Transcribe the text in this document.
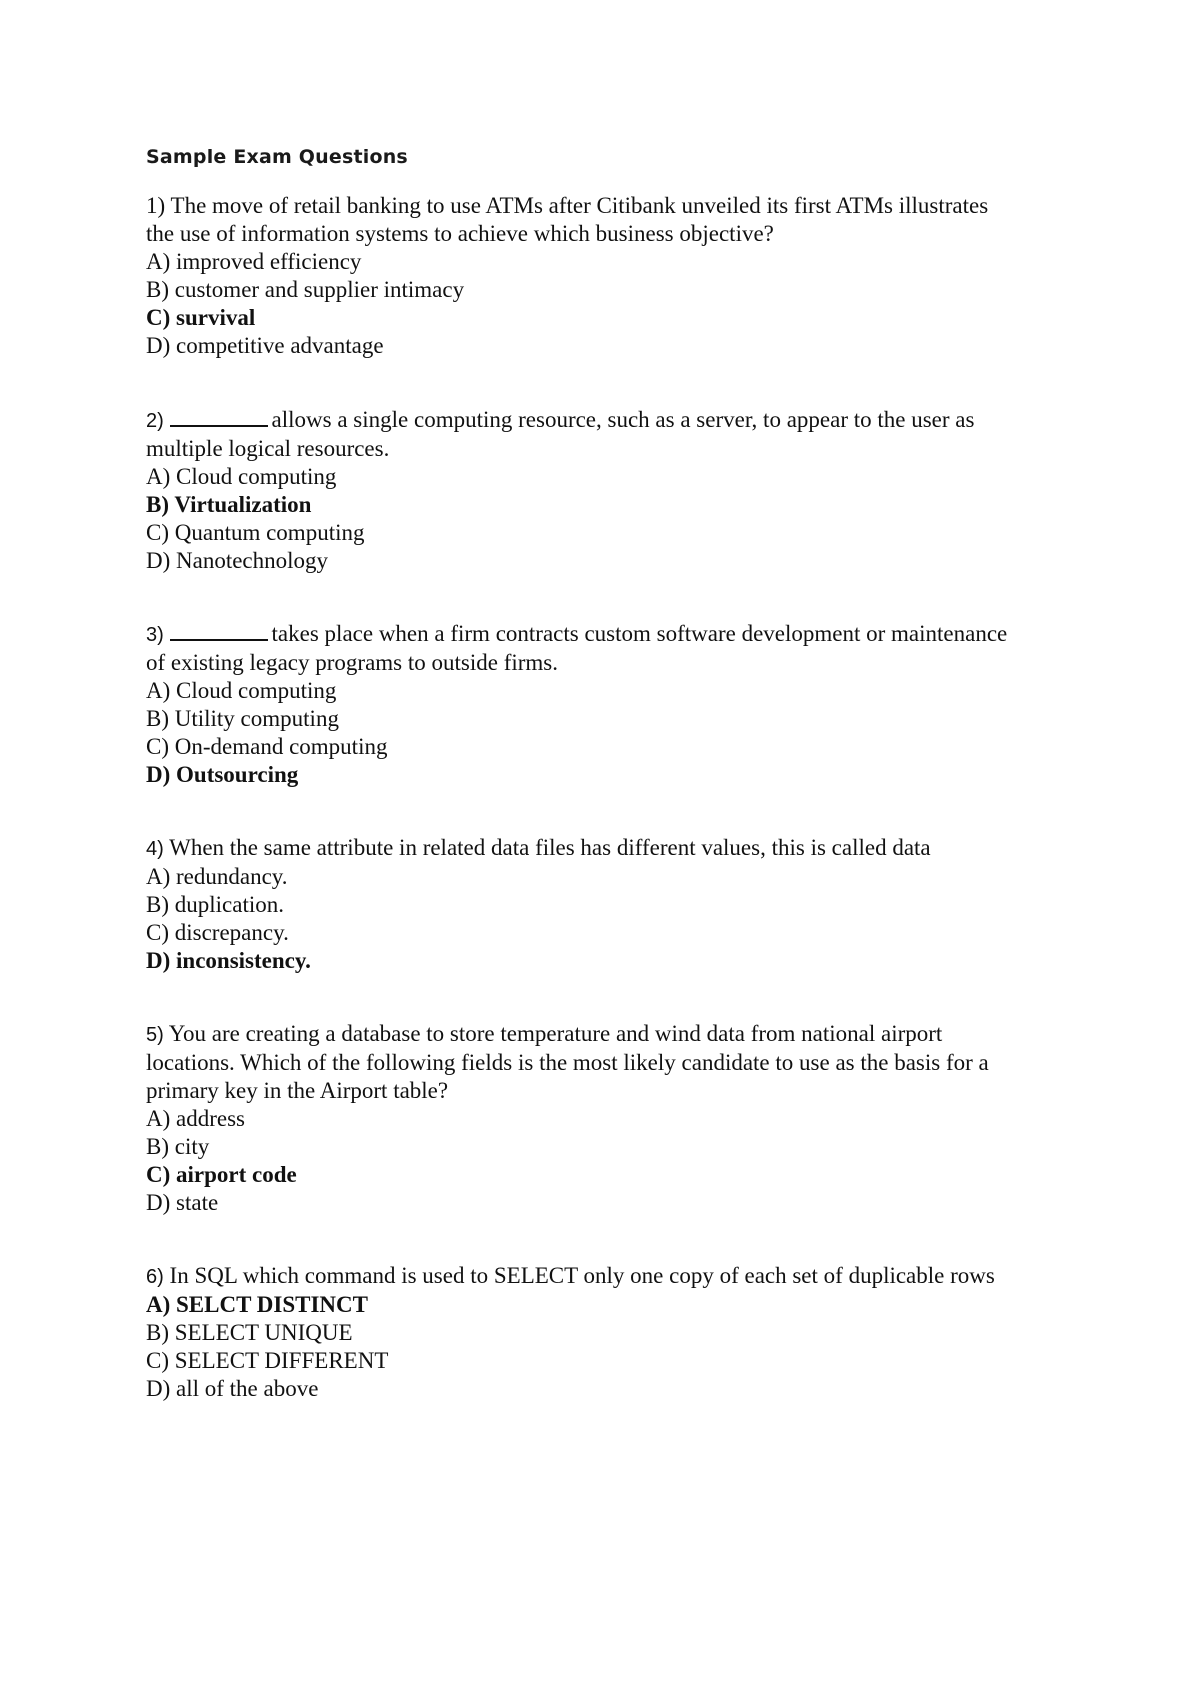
Sample Exam Questions
1) The move of retail banking to use ATMs after Citibank unveiled its first ATMs illustrates
the use of information systems to achieve which business objective?
A) improved efficiency
B) customer and supplier intimacy
C) survival
D) competitive advantage
2)	allows a single computing resource, such as a server, to appear to the user as
multiple logical resources.
A) Cloud computing
B) Virtualization
C) Quantum computing
D) Nanotechnology
3)	takes place when a firm contracts custom software development or maintenance
of existing legacy programs to outside firms.
A) Cloud computing
B) Utility computing
C) On-demand computing
D) Outsourcing
4) When the same attribute in related data files has different values, this is called data
A) redundancy.
B) duplication.
C) discrepancy.
D) inconsistency.
5) You are creating a database to store temperature and wind data from national airport
locations. Which of the following fields is the most likely candidate to use as the basis for a
primary key in the Airport table?
A) address
B) city
C) airport code
D) state
6) In SQL which command is used to SELECT only one copy of each set of duplicable rows
A) SELCT DISTINCT
B) SELECT UNIQUE
C) SELECT DIFFERENT
D) all of the above
